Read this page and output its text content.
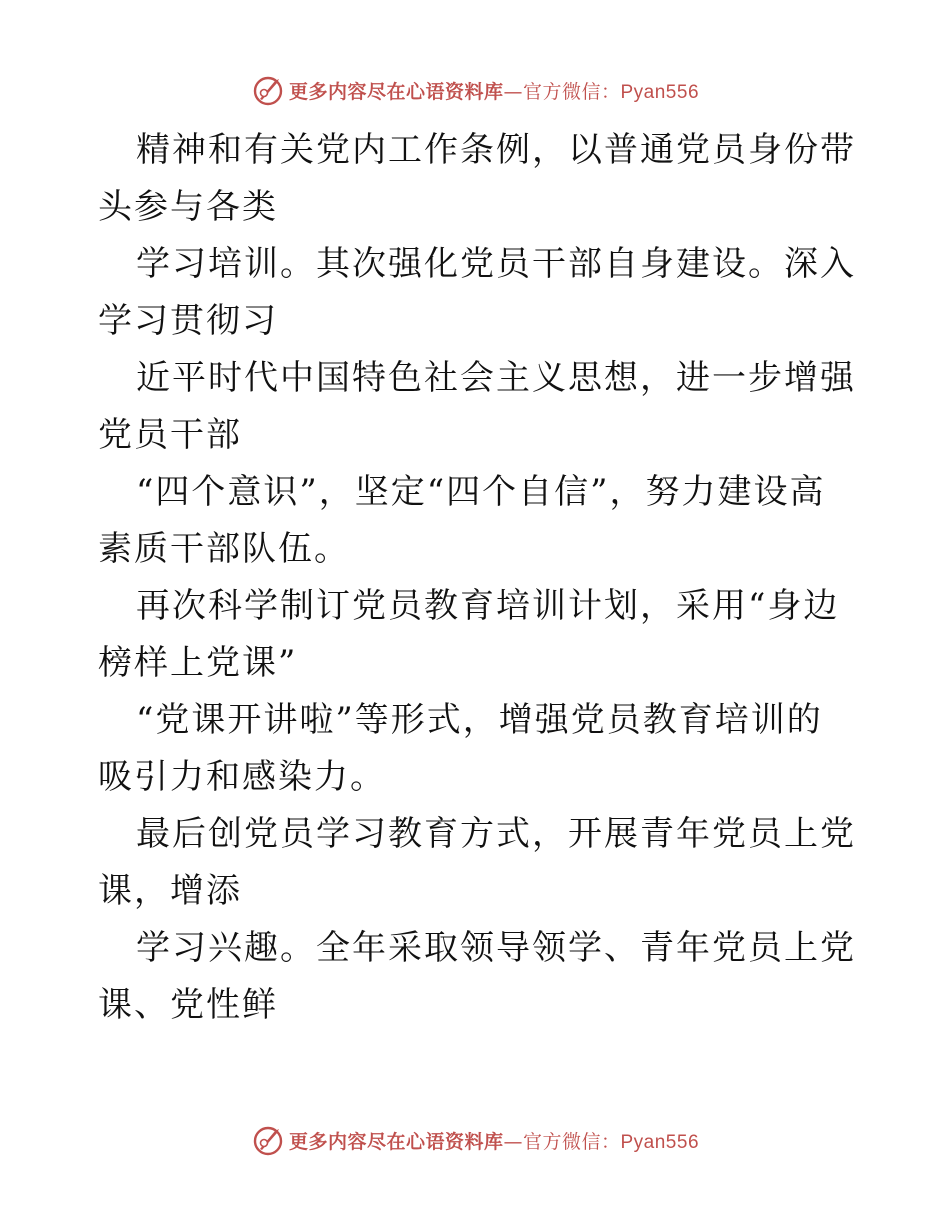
更多内容尽在心语资料库—官方微信：Pyan556

精神和有关党内工作条例，以普通党员身份带头参与各类

学习培训。其次强化党员干部自身建设。深入学习贯彻习

近平时代中国特色社会主义思想，进一步增强党员干部

“四个意识”，坚定“四个自信”，努力建设高素质干部队伍。

再次科学制订党员教育培训计划，采用“身边榜样上党课”

“党课开讲啦”等形式，增强党员教育培训的吸引力和感染力。

最后创党员学习教育方式，开展青年党员上党课，增添

学习兴趣。全年采取领导领学、青年党员上党课、党性鲜

更多内容尽在心语资料库—官方微信：Pyan556
